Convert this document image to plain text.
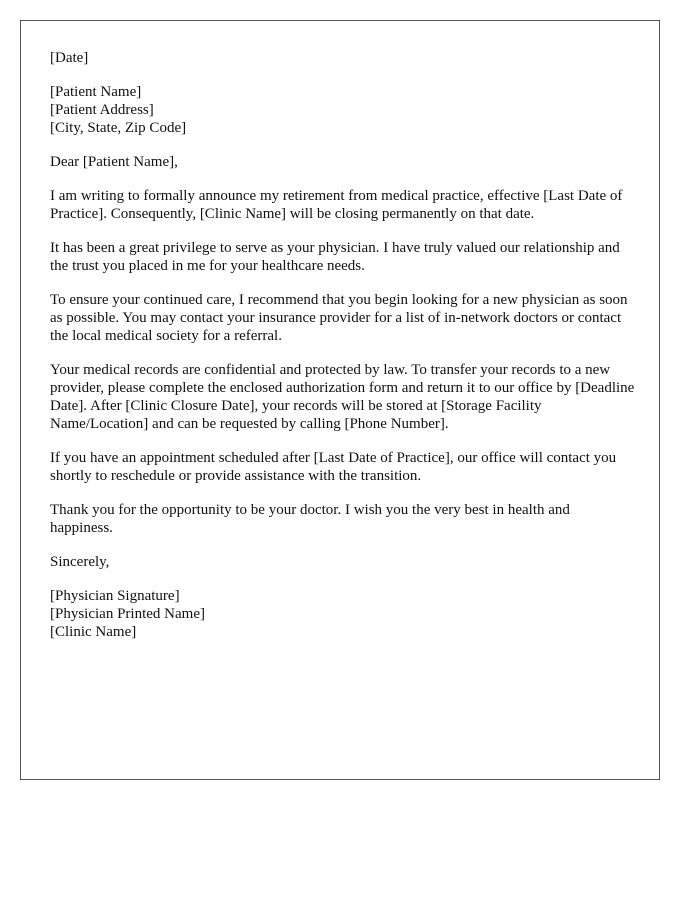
[Date]
[Patient Name]
[Patient Address]
[City, State, Zip Code]
Dear [Patient Name],

I am writing to formally announce my retirement from medical practice, effective [Last Date of Practice]. Consequently, [Clinic Name] will be closing permanently on that date.

It has been a great privilege to serve as your physician. I have truly valued our relationship and the trust you placed in me for your healthcare needs.

To ensure your continued care, I recommend that you begin looking for a new physician as soon as possible. You may contact your insurance provider for a list of in-network doctors or contact the local medical society for a referral.

Your medical records are confidential and protected by law. To transfer your records to a new provider, please complete the enclosed authorization form and return it to our office by [Deadline Date]. After [Clinic Closure Date], your records will be stored at [Storage Facility Name/Location] and can be requested by calling [Phone Number].

If you have an appointment scheduled after [Last Date of Practice], our office will contact you shortly to reschedule or provide assistance with the transition.

Thank you for the opportunity to be your doctor. I wish you the very best in health and happiness.

Sincerely,
[Physician Signature]
[Physician Printed Name]
[Clinic Name]
